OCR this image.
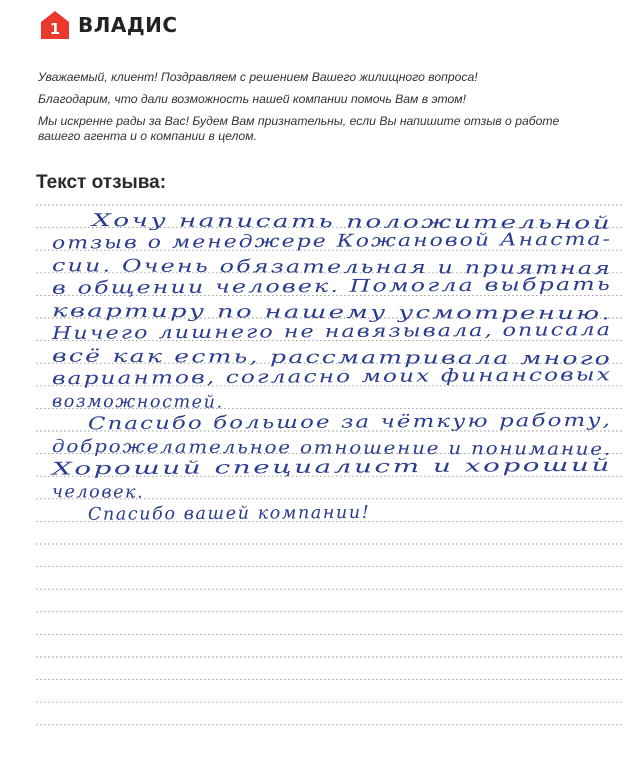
1 ВЛАДИС

Уважаемый, клиент! Поздравляем с решением Вашего жилищного вопроса!

Благодарим, что дали возможность нашей компании помочь Вам в этом!

Мы искренне рады за Вас! Будем Вам признательны, если Вы напишите отзыв о работе вашего агента и о компании в целом.

Текст отзыва:
Хочу написать положительной
отзыв о менеджере Кожановой Анаста-
сии. Очень обязательная и приятная
в общении человек. Помогла выбрать
квартиру по нашему усмотрению.
Ничего лишнего не навязывала, описала
всё как есть, рассматривала много
вариантов, согласно моих финансовых
возможностей.
Спасибо большое за чёткую работу,
доброжелательное отношение и понимание.
Хороший специалист и хороший
человек.
Спасибо вашей компании!
